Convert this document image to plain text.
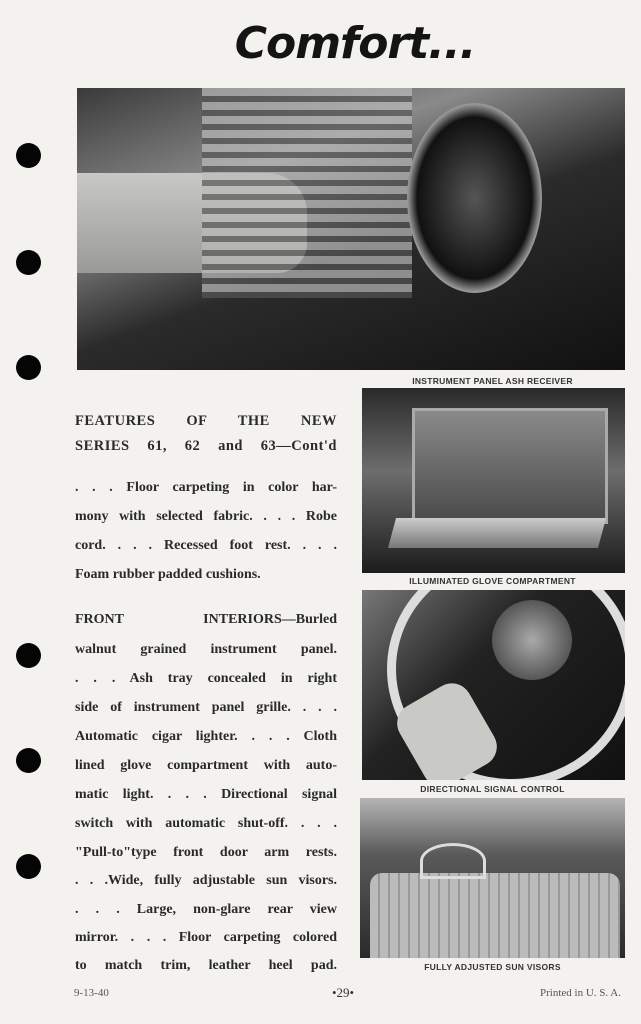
Comfort...
INSTRUMENT PANEL ASH RECEIVER
ILLUMINATED GLOVE COMPARTMENT
DIRECTIONAL SIGNAL CONTROL
FULLY ADJUSTED SUN VISORS
FEATURES OF THE NEW
SERIES 61, 62 and 63—Cont'd
. . . Floor carpeting in color har-
mony with selected fabric. . . . Robe
cord. . . . Recessed foot rest. . . .
Foam rubber padded cushions.
FRONT INTERIORS—Burled
walnut grained instrument panel.
. . . Ash tray concealed in right
side of instrument panel grille. . . .
Automatic cigar lighter. . . . Cloth
lined glove compartment with auto-
matic light. . . . Directional signal
switch with automatic shut-off. . . .
"Pull-to"type front door arm rests.
. . .Wide, fully adjustable sun visors.
. . . Large, non-glare rear view
mirror. . . . Floor carpeting colored
to match trim, leather heel pad.
9-13-40	•29•	Printed in U. S. A.
